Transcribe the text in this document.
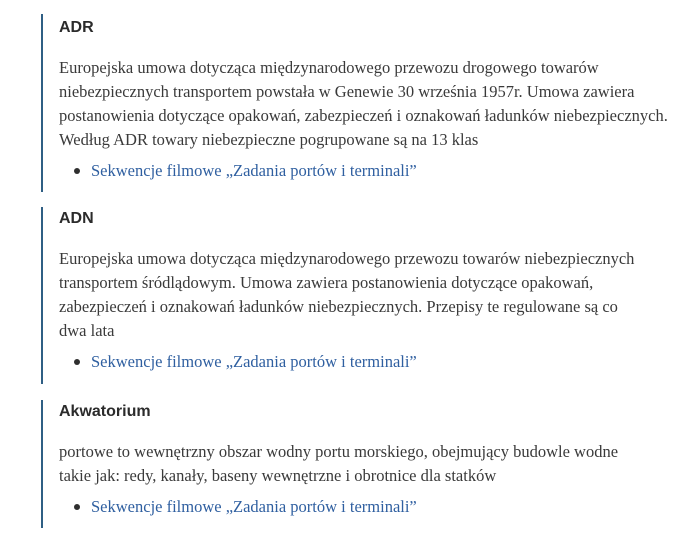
ADR

Europejska umowa dotycząca międzynarodowego przewozu drogowego towarów niebezpiecznych transportem powstała w Genewie 30 września 1957r. Umowa zawiera postanowienia dotyczące opakowań, zabezpieczeń i oznakowań ładunków niebezpiecznych. Według ADR towary niebezpieczne pogrupowane są na 13 klas

Sekwencje filmowe „Zadania portów i terminali”
ADN

Europejska umowa dotycząca międzynarodowego przewozu towarów niebezpiecznych transportem śródlądowym. Umowa zawiera postanowienia dotyczące opakowań, zabezpieczeń i oznakowań ładunków niebezpiecznych. Przepisy te regulowane są co dwa lata

Sekwencje filmowe „Zadania portów i terminali”
Akwatorium

portowe to wewnętrzny obszar wodny portu morskiego, obejmujący budowle wodne takie jak: redy, kanały, baseny wewnętrzne i obrotnice dla statków

Sekwencje filmowe „Zadania portów i terminali”
